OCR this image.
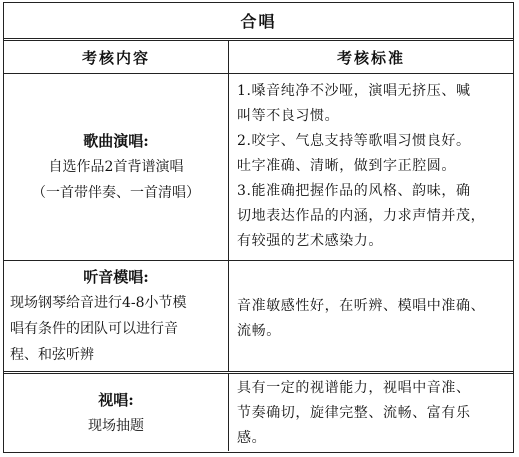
合唱
考核内容	考核标准
歌曲演唱:
自选作品2首背谱演唱
（一首带伴奏、一首清唱）
1.嗓音纯净不沙哑，演唱无挤压、喊
叫等不良习惯。
2.咬字、气息支持等歌唱习惯良好。
吐字准确、清晰，做到字正腔圆。
3.能准确把握作品的风格、韵味，确
切地表达作品的内涵，力求声情并茂，
有较强的艺术感染力。
听音模唱:
现场钢琴给音进行4-8小节模
唱有条件的团队可以进行音
程、和弦听辨
音准敏感性好，在听辨、模唱中准确、
流畅。
视唱:
现场抽题
具有一定的视谱能力，视唱中音准、
节奏确切，旋律完整、流畅、富有乐
感。
